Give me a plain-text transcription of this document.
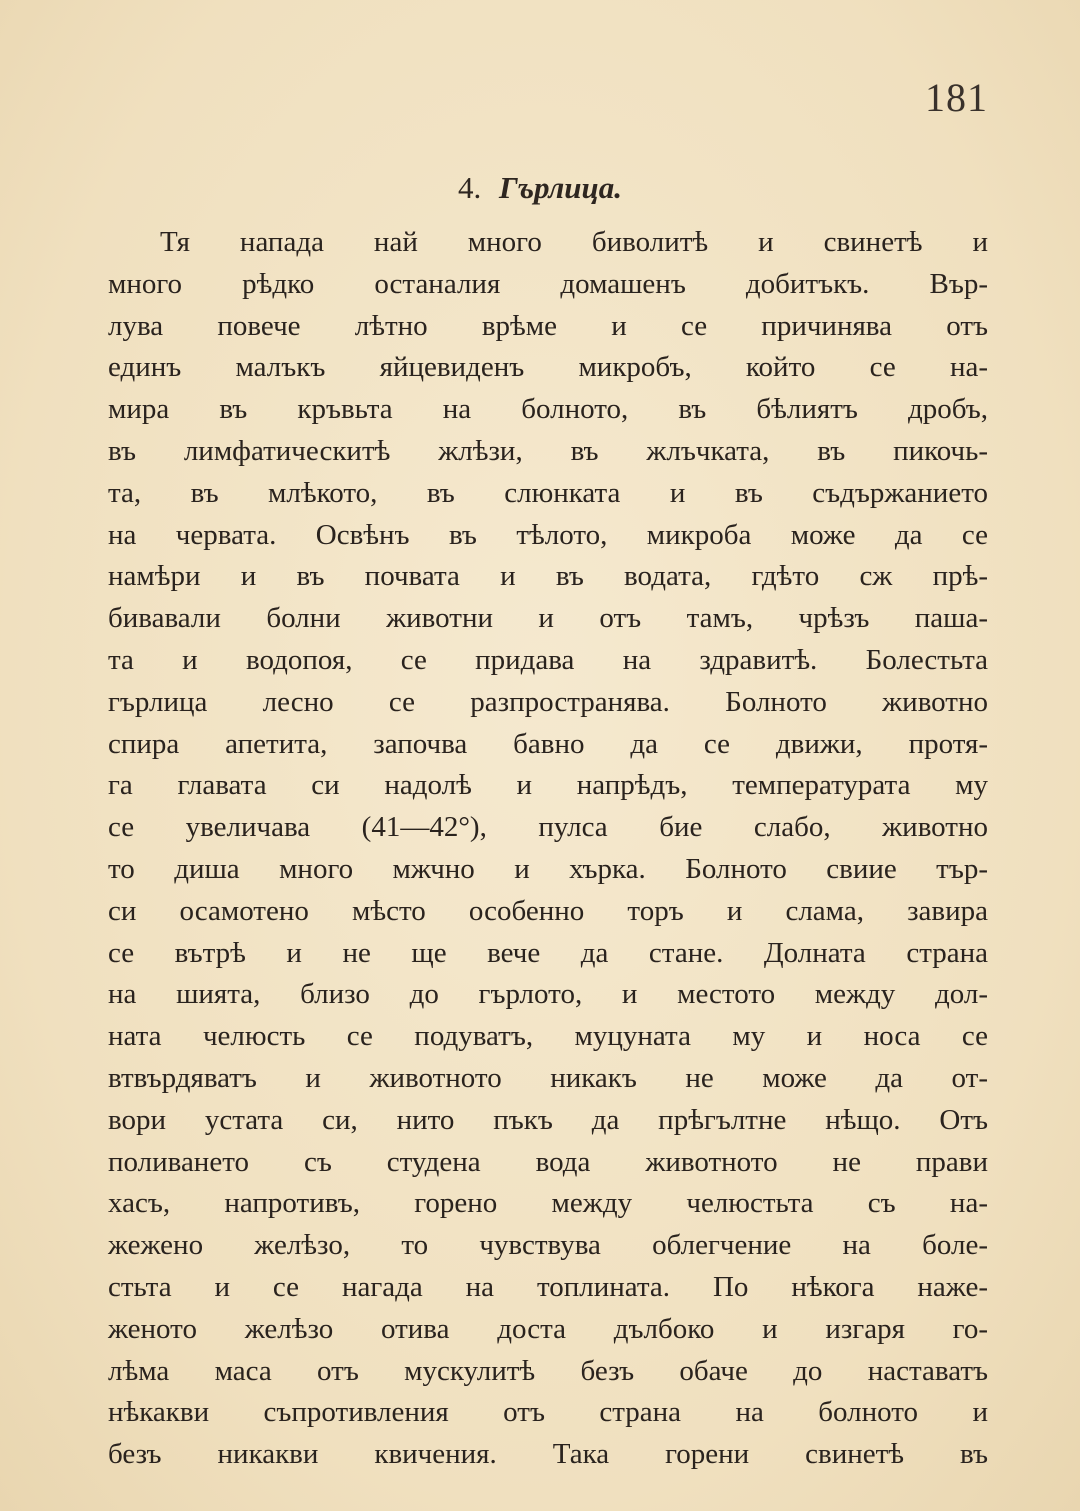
181
4. Гърлица.
Тя напада най много биволитѣ и свинетѣ и
много рѣдко останалия домашенъ добитъкъ. Вър-
лува повече лѣтно врѣме и се причинява отъ
единъ малъкъ яйцевиденъ микробъ, който се на-
мира въ кръвьта на болното, въ бѣлиятъ дробъ,
въ лимфатическитѣ жлѣзи, въ жлъчката, въ пикочь-
та, въ млѣкото, въ слюнката и въ съдържанието
на червата. Освѣнъ въ тѣлото, микроба може да се
намѣри и въ почвата и въ водата, гдѣто сж прѣ-
бивавали болни животни и отъ тамъ, чрѣзъ паша-
та и водопоя, се придава на здравитѣ. Болестьта
гърлица лесно се разпространява. Болното животно
спира апетита, започва бавно да се движи, протя-
га главата си надолѣ и напрѣдъ, температурата му
се увеличава (41—42°), пулса бие слабо, животно
то диша много мжчно и хърка. Болното свиие тър-
си осамотено мѣсто особенно торъ и слама, завира
се вътрѣ и не ще вече да стане. Долната страна
на шията, близо до гърлото, и местото между дол-
ната челюсть се подуватъ, муцуната му и носа се
втвърдяватъ и животното никакъ не може да от-
вори устата си, нито пъкъ да прѣгълтне нѣщо. Отъ
поливането съ студена вода животното не прави
хасъ, напротивъ, горено между челюстьта съ на-
жежено желѣзо, то чувствува облегчение на боле-
стьта и се нагада на топлината. По нѣкога наже-
женото желѣзо отива доста дълбоко и изгаря го-
лѣма маса отъ мускулитѣ безъ обаче до наставатъ
нѣкакви съпротивления отъ страна на болното и
безъ никакви квичения. Така горени свинетѣ въ
